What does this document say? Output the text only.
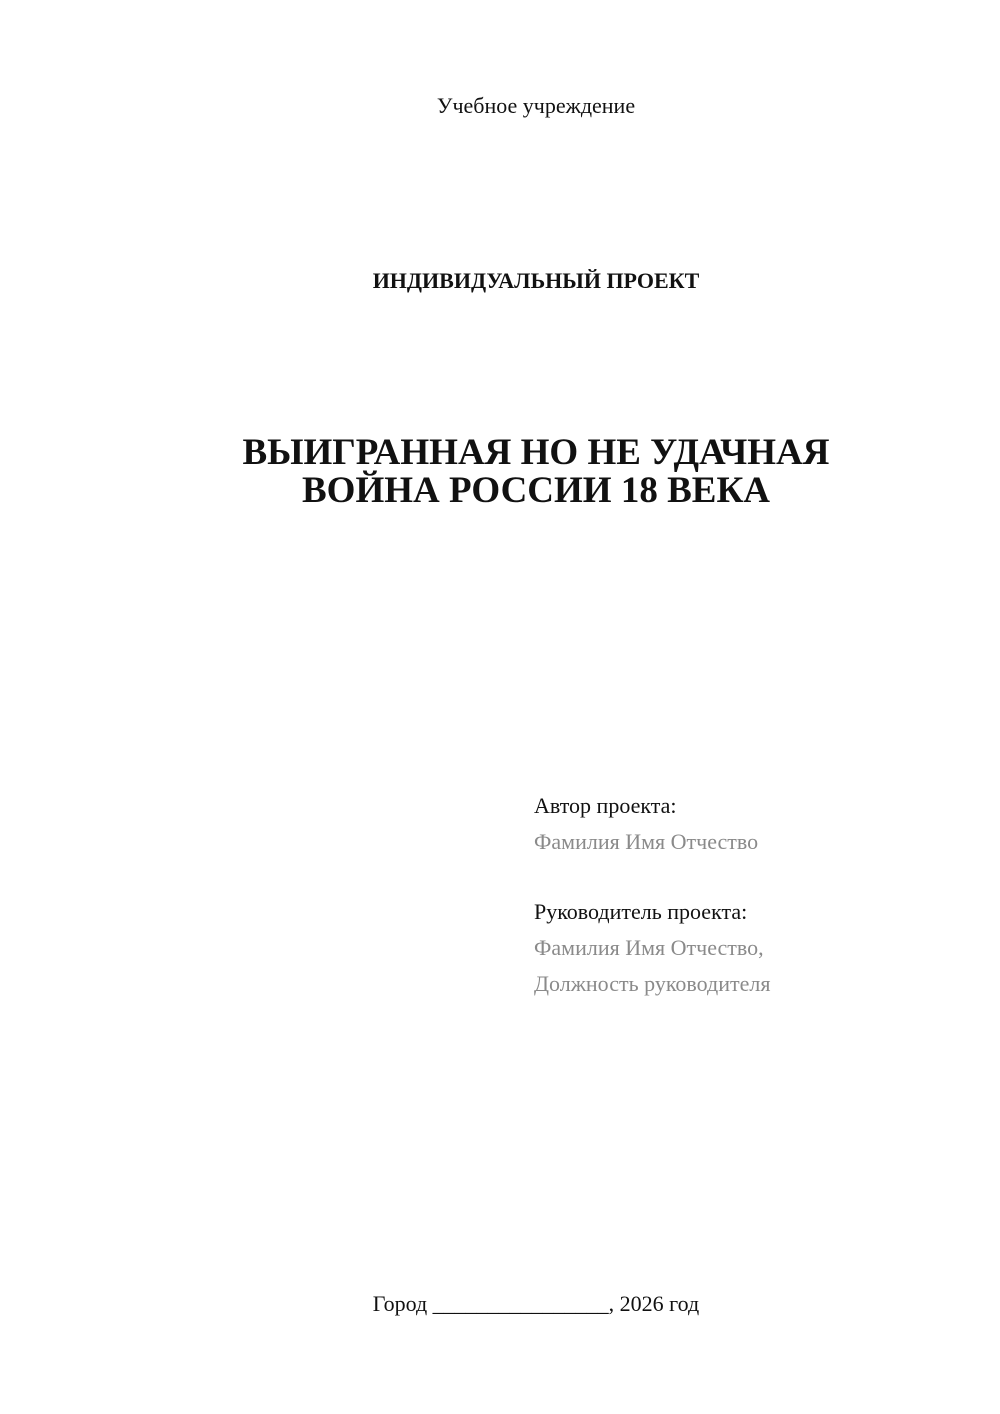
Учебное учреждение
ИНДИВИДУАЛЬНЫЙ ПРОЕКТ
ВЫИГРАННАЯ НО НЕ УДАЧНАЯ
ВОЙНА РОССИИ 18 ВЕКА
Автор проекта:
Фамилия Имя Отчество
Руководитель проекта:
Фамилия Имя Отчество,
Должность руководителя
Город ________________, 2026 год
